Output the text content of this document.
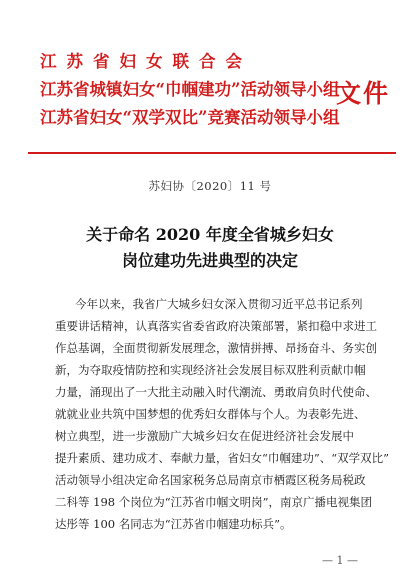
江苏省妇女联合会
江苏省城镇妇女“巾帼建功”活动领导小组
江苏省妇女“双学双比”竞赛活动领导小组
文件
苏妇协〔2020〕11 号
关于命名 2020 年度全省城乡妇女
岗位建功先进典型的决定
今年以来，我省广大城乡妇女深入贯彻习近平总书记系列
重要讲话精神，认真落实省委省政府决策部署，紧扣稳中求进工
作总基调，全面贯彻新发展理念，激情拼搏、昂扬奋斗、务实创
新，为夺取疫情防控和实现经济社会发展目标双胜利贡献巾帼
力量，涌现出了一大批主动融入时代潮流、勇敢肩负时代使命、
就就业业共筑中国梦想的优秀妇女群体与个人。为表彰先进、
树立典型，进一步激励广大城乡妇女在促进经济社会发展中
提升素质、建功成才、奉献力量，省妇女“巾帼建功”、“双学双比”
活动领导小组决定命名国家税务总局南京市栖霞区税务局税政
二科等 198 个岗位为“江苏省巾帼文明岗”，南京广播电视集团
达彤等 100 名同志为“江苏省巾帼建功标兵”。
— 1 —
